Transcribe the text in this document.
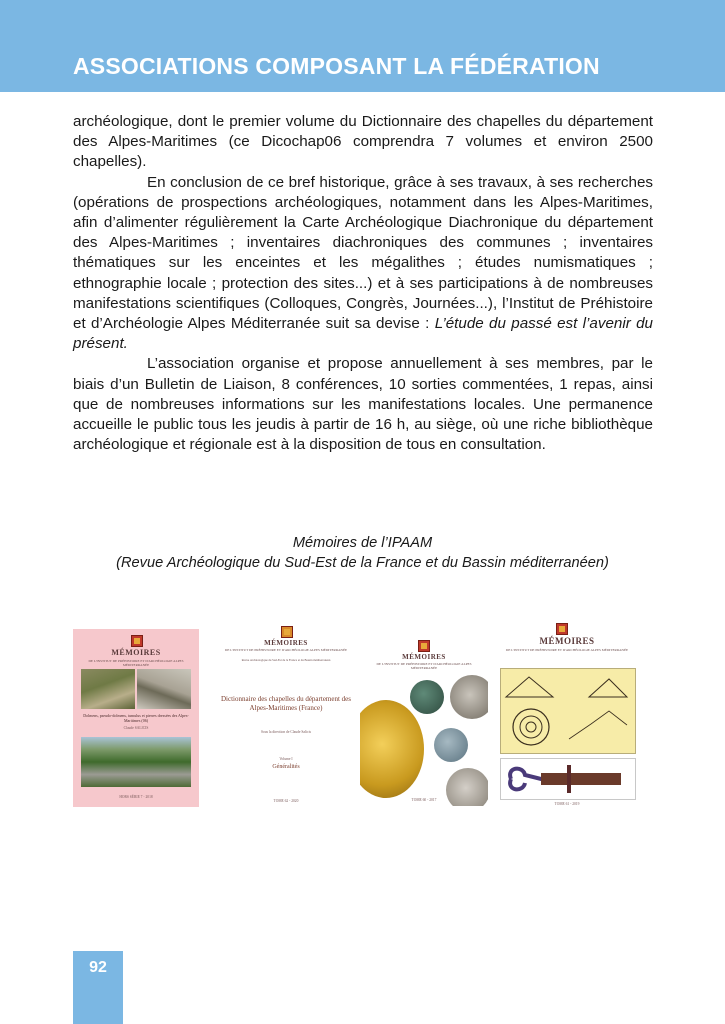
ASSOCIATIONS COMPOSANT LA FÉDÉRATION

archéologique, dont le premier volume du Dictionnaire des chapelles du département des Alpes-Maritimes (ce Dicochap06 comprendra 7 volumes et environ 2500 chapelles).

En conclusion de ce bref historique, grâce à ses travaux, à ses recherches (opérations de prospections archéologiques, notamment dans les Alpes-Maritimes, afin d’alimenter régulièrement la Carte Archéologique Diachronique du département des Alpes-Maritimes ; inventaires diachroniques des communes ; inventaires thématiques sur les enceintes et les mégalithes ; études numismatiques ; ethnographie locale ; protection des sites...) et à ses participations à de nombreuses manifestations scientifiques (Colloques, Congrès, Journées...), l’Institut de Préhistoire et d’Archéologie Alpes Méditerranée suit sa devise : L’étude du passé est l’avenir du présent.

L’association organise et propose annuellement à ses membres, par le biais d’un Bulletin de Liaison, 8 conférences, 10 sorties commentées, 1 repas, ainsi que de nombreuses informations sur les manifestations locales. Une permanence accueille le public tous les jeudis à partir de 16 h, au siège, où une riche bibliothèque archéologique et régionale est à la disposition de tous en consultation.

Mémoires de l’IPAAM
(Revue Archéologique du Sud-Est de la France et du Bassin méditerranéen)
MÉMOIRES
DE L'INSTITUT DE PRÉHISTOIRE ET D'ARCHÉOLOGIE ALPES MÉDITERRANÉE
Dolmens, pseudo-dolmens, tumulus et pierres dressées des Alpes-Maritimes (06)
Claude SALICIS
HORS SÉRIE 7 - 2018
MÉMOIRES
DE L'INSTITUT DE PRÉHISTOIRE ET D'ARCHÉOLOGIE ALPES MÉDITERRANÉE
Revue Archéologique du Sud-Est de la France et du Bassin méditerranéen
Dictionnaire des chapelles du département des Alpes-Maritimes (France)
Sous la direction de Claude Salicis
Volume I
Généralités
TOME 62 - 2020
MÉMOIRES
DE L'INSTITUT DE PRÉHISTOIRE ET D'ARCHÉOLOGIE ALPES MÉDITERRANÉE
TOME 60 - 2017
MÉMOIRES
DE L'INSTITUT DE PRÉHISTOIRE ET D'ARCHÉOLOGIE ALPES MÉDITERRANÉE
TOME 61 - 2019
92
